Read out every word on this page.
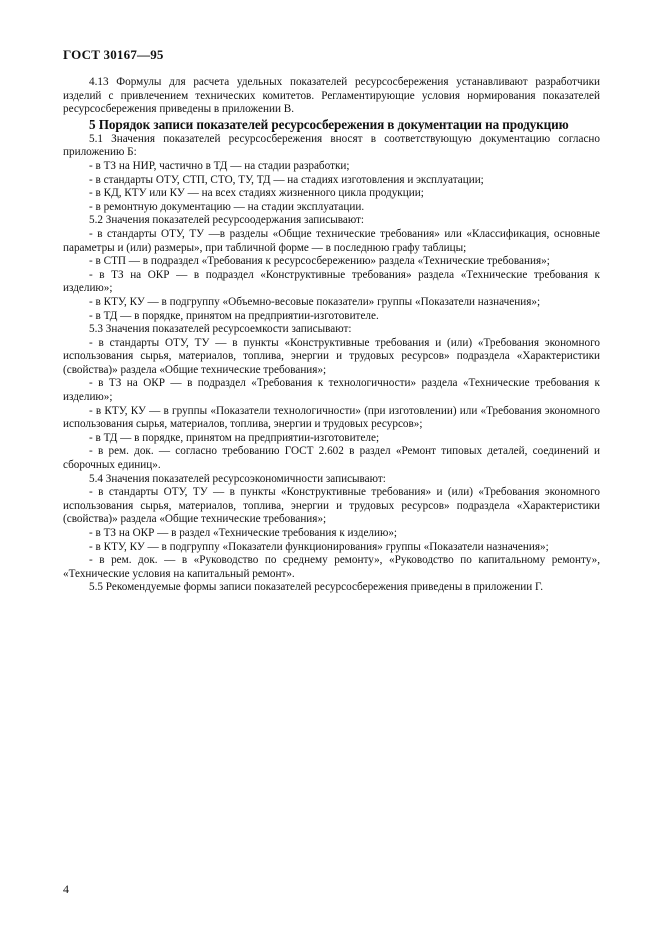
ГОСТ 30167—95

4.13 Формулы для расчета удельных показателей ресурсосбережения устанавливают разработчики изделий с привлечением технических комитетов. Регламентирующие условия нормирования показателей ресурсосбережения приведены в приложении В.

5 Порядок записи показателей ресурсосбережения в документации на продукцию

5.1 Значения показателей ресурсосбережения вносят в соответствующую документацию согласно приложению Б:

- в ТЗ на НИР, частично в ТД — на стадии разработки;

- в стандарты ОТУ, СТП, СТО, ТУ, ТД — на стадиях изготовления и эксплуатации;

- в КД, КТУ или КУ — на всех стадиях жизненного цикла продукции;

- в ремонтную документацию — на стадии эксплуатации.

5.2 Значения показателей ресурсоодержания записывают:

- в стандарты ОТУ, ТУ —в разделы «Общие технические требования» или «Классификация, основные параметры и (или) размеры», при табличной форме — в последнюю графу таблицы;

- в СТП — в подраздел «Требования к ресурсосбережению» раздела «Технические требования»;

- в ТЗ на ОКР — в подраздел «Конструктивные требования» раздела «Технические требования к изделию»;

- в КТУ, КУ — в подгруппу «Объемно-весовые показатели» группы «Показатели назначения»;

- в ТД — в порядке, принятом на предприятии-изготовителе.

5.3 Значения показателей ресурсоемкости записывают:

- в стандарты ОТУ, ТУ — в пункты «Конструктивные требования и (или) «Требования экономного использования сырья, материалов, топлива, энергии и трудовых ресурсов» подраздела «Характеристики (свойства)» раздела «Общие технические требования»;

- в ТЗ на ОКР — в подраздел «Требования к технологичности» раздела «Технические требования к изделию»;

- в КТУ, КУ — в группы «Показатели технологичности» (при изготовлении) или «Требования экономного использования сырья, материалов, топлива, энергии и трудовых ресурсов»;

- в ТД — в порядке, принятом на предприятии-изготовителе;

- в рем. док. — согласно требованию ГОСТ 2.602 в раздел «Ремонт типовых деталей, соединений и сборочных единиц».

5.4 Значения показателей ресурсоэкономичности записывают:

- в стандарты ОТУ, ТУ — в пункты «Конструктивные требования» и (или) «Требования экономного использования сырья, материалов, топлива, энергии и трудовых ресурсов» подраздела «Характеристики (свойства)» раздела «Общие технические требования»;

- в ТЗ на ОКР — в раздел «Технические требования к изделию»;

- в КТУ, КУ — в подгруппу «Показатели функционирования» группы «Показатели назначения»;

- в рем. док. — в «Руководство по среднему ремонту», «Руководство по капитальному ремонту», «Технические условия на капитальный ремонт».

5.5 Рекомендуемые формы записи показателей ресурсосбережения приведены в приложении Г.

4
